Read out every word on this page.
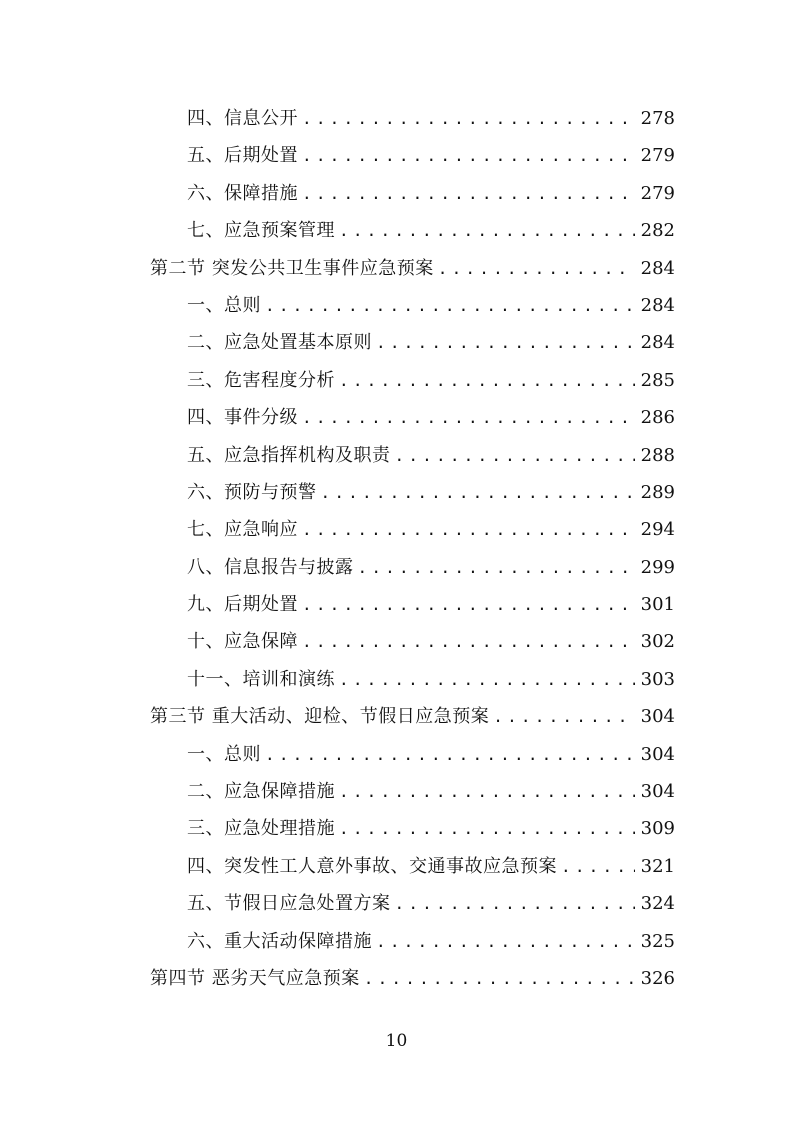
四、信息公开 .....	278
五、后期处置 .....	279
六、保障措施 .....	279
七、应急预案管理 .....	282
第二节 突发公共卫生事件应急预案 .....	284
一、总则 .....	284
二、应急处置基本原则 .....	284
三、危害程度分析 .....	285
四、事件分级 .....	286
五、应急指挥机构及职责 .....	288
六、预防与预警 .....	289
七、应急响应 .....	294
八、信息报告与披露 .....	299
九、后期处置 .....	301
十、应急保障 .....	302
十一、培训和演练 .....	303
第三节 重大活动、迎检、节假日应急预案 .....	304
一、总则 .....	304
二、应急保障措施 .....	304
三、应急处理措施 .....	309
四、突发性工人意外事故、交通事故应急预案 .....	321
五、节假日应急处置方案 .....	324
六、重大活动保障措施 .....	325
第四节 恶劣天气应急预案 .....	326
10
